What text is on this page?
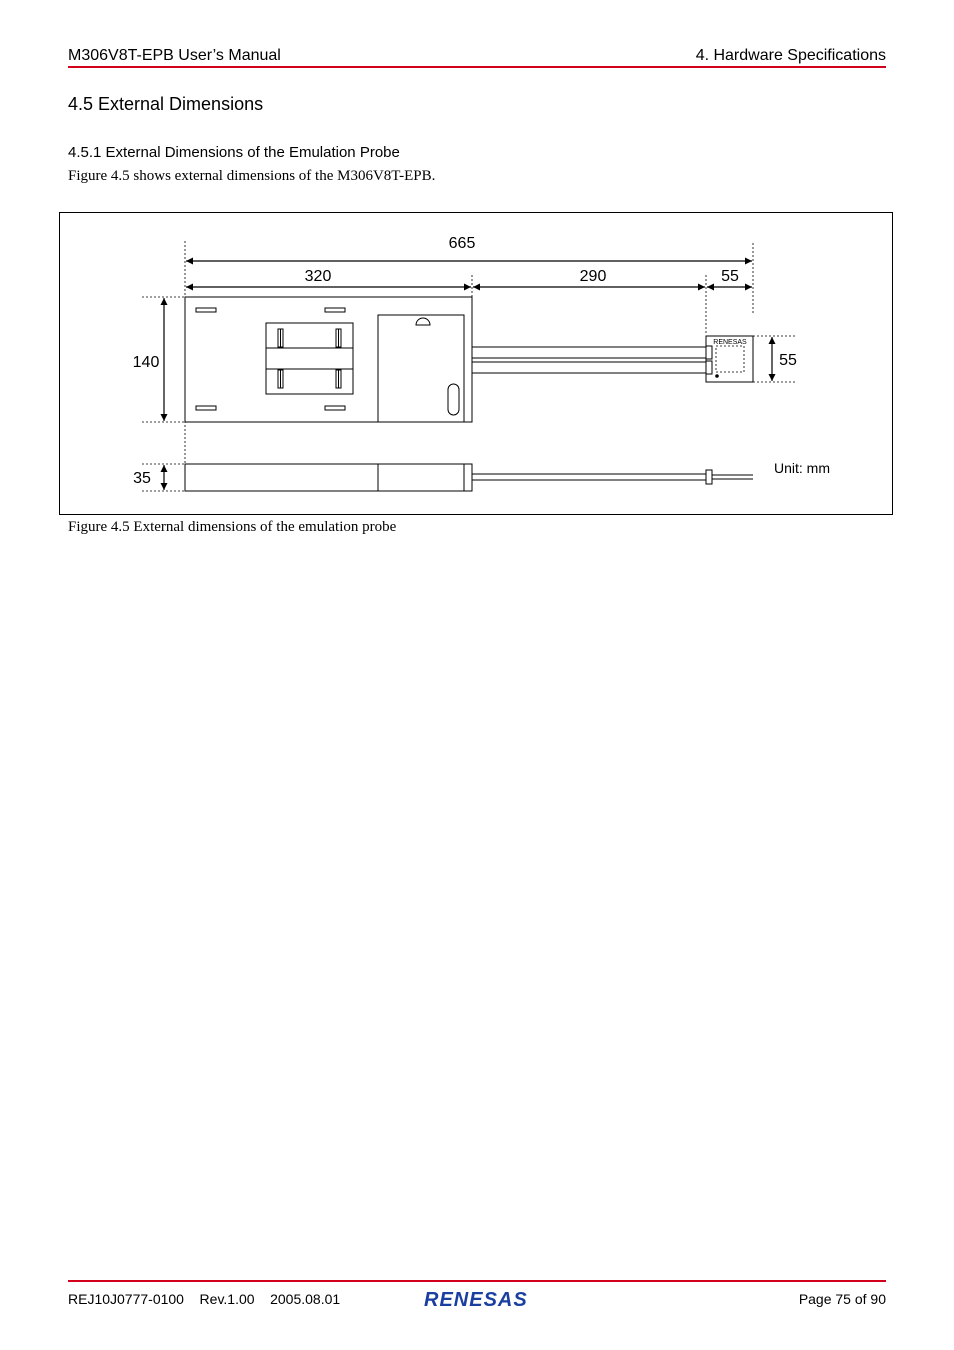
M306V8T-EPB User’s Manual	4. Hardware Specifications
4.5 External Dimensions
4.5.1 External Dimensions of the Emulation Probe
Figure 4.5 shows external dimensions of the M306V8T-EPB.
665
320	290	55
140
35
55
RENESAS
Unit: mm
Figure 4.5 External dimensions of the emulation probe
REJ10J0777-0100 Rev.1.00 2005.08.01	RENESAS	Page 75 of 90
